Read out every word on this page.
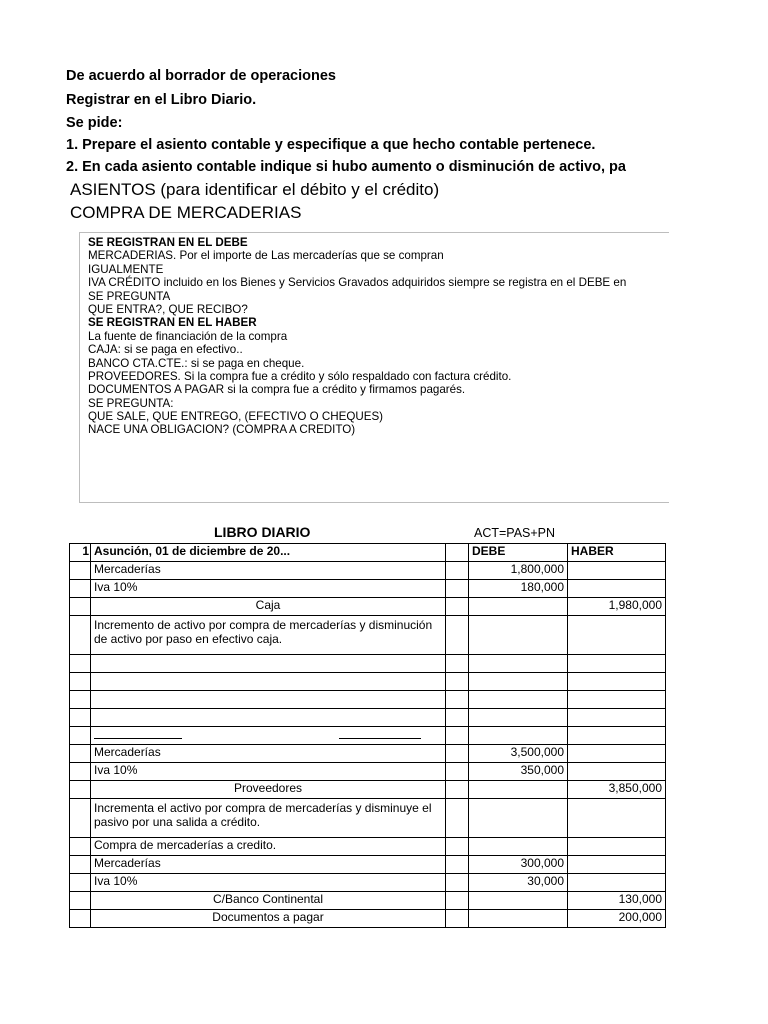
De acuerdo al borrador de operaciones
Registrar en el Libro Diario.
Se pide:
1. Prepare el asiento contable y especifique a que hecho contable pertenece.
2. En cada asiento contable indique si hubo aumento o disminución de activo, pa
ASIENTOS (para identificar el débito y el crédito)
COMPRA DE MERCADERIAS
SE REGISTRAN EN EL DEBE
MERCADERIAS. Por el importe de Las mercaderías que se compran
IGUALMENTE
IVA CRÉDITO incluido en los Bienes y Servicios Gravados adquiridos siempre se registra en el DEBE en
SE PREGUNTA
QUE ENTRA?, QUE RECIBO?
SE REGISTRAN EN EL HABER
La fuente de financiación de la compra
CAJA: si se paga en efectivo..
BANCO CTA.CTE.: si se paga en cheque.
PROVEEDORES. Si la compra fue a crédito y sólo respaldado con factura crédito.
DOCUMENTOS A PAGAR si la compra fue a crédito y firmamos pagarés.
SE PREGUNTA:
QUE SALE, QUE ENTREGO, (EFECTIVO O CHEQUES)
NACE UNA OBLIGACION? (COMPRA A CREDITO)
LIBRO DIARIO	ACT=PAS+PN
1	Asunción, 01 de diciembre de 20...		DEBE	HABER
	Mercaderías		1,800,000	
	Iva 10%		180,000	
	Caja			1,980,000
	Incremento de activo por compra de mercaderías y disminución de activo por paso en efectivo caja.			

	Mercaderías		3,500,000	
	Iva 10%		350,000	
	Proveedores			3,850,000
	Incrementa el activo por compra de mercaderías y disminuye el pasivo por una salida a crédito.			
	Compra de mercaderías a credito.			
	Mercaderías		300,000	
	Iva 10%		30,000	
	C/Banco Continental			130,000
	Documentos a pagar			200,000
